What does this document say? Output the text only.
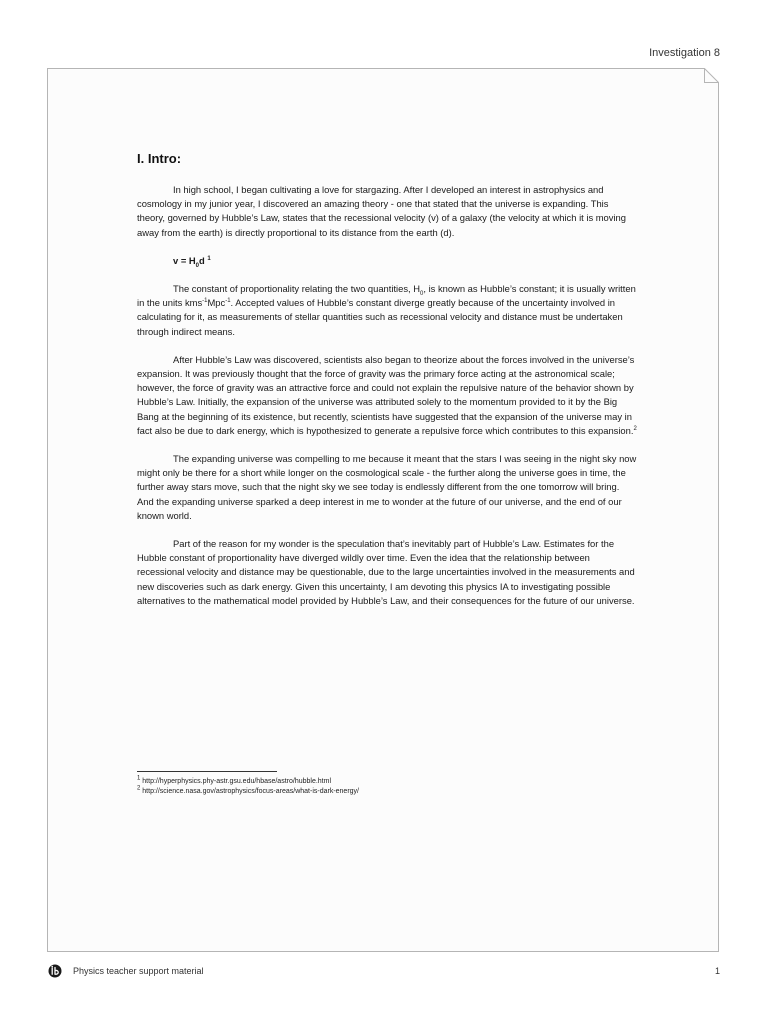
Investigation 8
I. Intro:

In high school, I began cultivating a love for stargazing. After I developed an interest in astrophysics and cosmology in my junior year, I discovered an amazing theory - one that stated that the universe is expanding. This theory, governed by Hubble’s Law, states that the recessional velocity (v) of a galaxy (the velocity at which it is moving away from the earth) is directly proportional to its distance from the earth (d).

$v = H_0d$ $^1$

The constant of proportionality relating the two quantities, $H_0$, is known as Hubble’s constant; it is usually written in the units kms$^{-1}$Mpc$^{-1}$. Accepted values of Hubble’s constant diverge greatly because of the uncertainty involved in calculating for it, as measurements of stellar quantities such as recessional velocity and distance must be undertaken through indirect means.

After Hubble’s Law was discovered, scientists also began to theorize about the forces involved in the universe’s expansion. It was previously thought that the force of gravity was the primary force acting at the astronomical scale; however, the force of gravity was an attractive force and could not explain the repulsive nature of the behavior shown by Hubble’s Law. Initially, the expansion of the universe was attributed solely to the momentum provided to it by the Big Bang at the beginning of its existence, but recently, scientists have suggested that the expansion of the universe may in fact also be due to dark energy, which is hypothesized to generate a repulsive force which contributes to this expansion.$^2$

The expanding universe was compelling to me because it meant that the stars I was seeing in the night sky now might only be there for a short while longer on the cosmological scale - the further along the universe goes in time, the further away stars move, such that the night sky we see today is endlessly different from the one tomorrow will bring. And the expanding universe sparked a deep interest in me to wonder at the future of our universe, and the end of our known world.

Part of the reason for my wonder is the speculation that’s inevitably part of Hubble’s Law. Estimates for the Hubble constant of proportionality have diverged wildly over time. Even the idea that the relationship between recessional velocity and distance may be questionable, due to the large uncertainties involved in the measurements and new discoveries such as dark energy. Given this uncertainty, I am devoting this physics IA to investigating possible alternatives to the mathematical model provided by Hubble’s Law, and their consequences for the future of our universe.

$^1$ http://hyperphysics.phy-astr.gsu.edu/hbase/astro/hubble.html
$^2$ http://science.nasa.gov/astrophysics/focus-areas/what-is-dark-energy/
Physics teacher support material	1
